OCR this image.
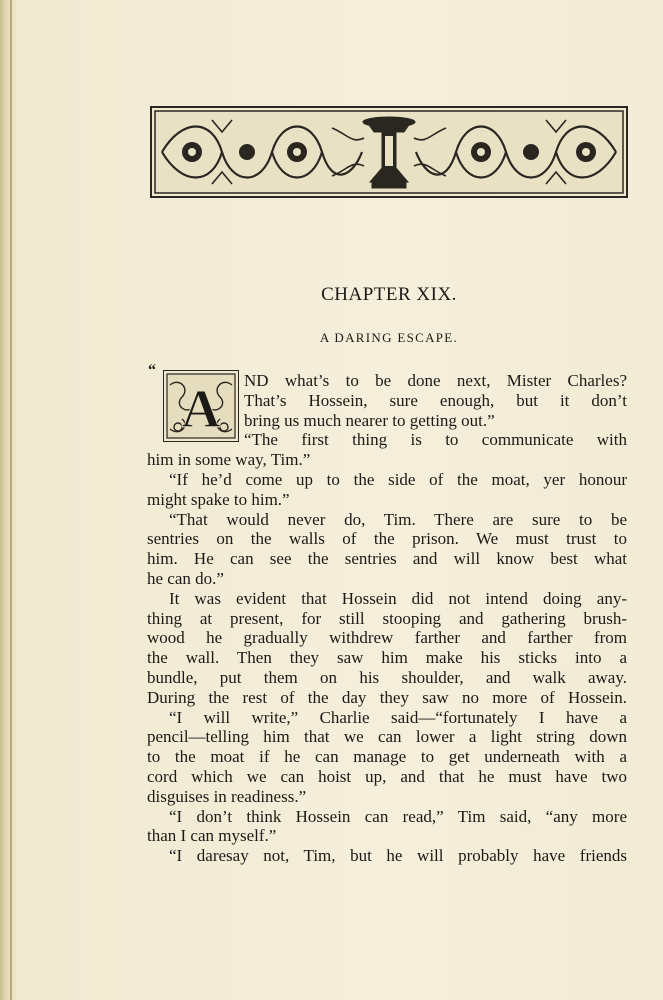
CHAPTER XIX.
A DARING ESCAPE.
“
A	ND what’s to be done next, Mister Charles?
That’s Hossein, sure enough, but it don’t
bring us much nearer to getting out.”
“The first thing is to communicate with
him in some way, Tim.”
“If he’d come up to the side of the moat, yer honour
might spake to him.”
“That would never do, Tim. There are sure to be
sentries on the walls of the prison. We must trust to
him. He can see the sentries and will know best what
he can do.”
It was evident that Hossein did not intend doing any-
thing at present, for still stooping and gathering brush-
wood he gradually withdrew farther and farther from
the wall. Then they saw him make his sticks into a
bundle, put them on his shoulder, and walk away.
During the rest of the day they saw no more of Hossein.
“I will write,” Charlie said—“fortunately I have a
pencil—telling him that we can lower a light string down
to the moat if he can manage to get underneath with a
cord which we can hoist up, and that he must have two
disguises in readiness.”
“I don’t think Hossein can read,” Tim said, “any more
than I can myself.”
“I daresay not, Tim, but he will probably have friends
